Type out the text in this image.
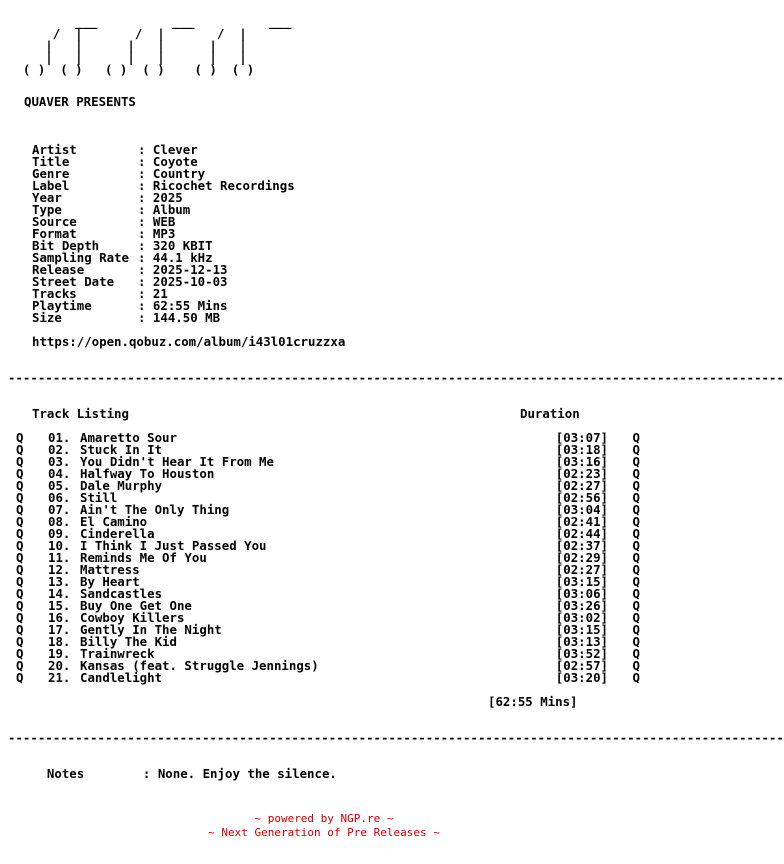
___          ___          ___
/  |       /  |       /  |
|   |      |   |      |   |
|   |      |   |      |   |
( )  ( )   ( )  ( )    ( )  ( )
QUAVER PRESENTS
Artist	: Clever
Title	: Coyote
Genre	: Country
Label	: Ricochet Recordings
Year	: 2025
Type	: Album
Source	: WEB
Format	: MP3
Bit Depth	: 320 KBIT
Sampling Rate : 44.1 kHz
Release	: 2025-12-13
Street Date : 2025-10-03
Tracks	: 21
Playtime	: 62:55 Mins
Size	: 144.50 MB
https://open.qobuz.com/album/i43l01cruzzxa
--------------------------------------------------------------------------------------------------------
Track Listing	Duration
Q 01. Amaretto Sour	[03:07] Q
Q 02. Stuck In It	[03:18] Q
Q 03. You Didn't Hear It From Me	[03:16] Q
Q 04. Halfway To Houston	[02:23] Q
Q 05. Dale Murphy	[02:27] Q
Q 06. Still	[02:56] Q
Q 07. Ain't The Only Thing	[03:04] Q
Q 08. El Camino	[02:41] Q
Q 09. Cinderella	[02:44] Q
Q 10. I Think I Just Passed You	[02:37] Q
Q 11. Reminds Me Of You	[02:29] Q
Q 12. Mattress	[02:27] Q
Q 13. By Heart	[03:15] Q
Q 14. Sandcastles	[03:06] Q
Q 15. Buy One Get One	[03:26] Q
Q 16. Cowboy Killers	[03:02] Q
Q 17. Gently In The Night	[03:15] Q
Q 18. Billy The Kid	[03:13] Q
Q 19. Trainwreck	[03:52] Q
Q 20. Kansas (feat. Struggle Jennings)	[02:57] Q
Q 21. Candlelight	[03:20] Q
[62:55 Mins]
--------------------------------------------------------------------------------------------------------

Notes	: None. Enjoy the silence.

~ powered by NGP.re ~
~ Next Generation of Pre Releases ~
